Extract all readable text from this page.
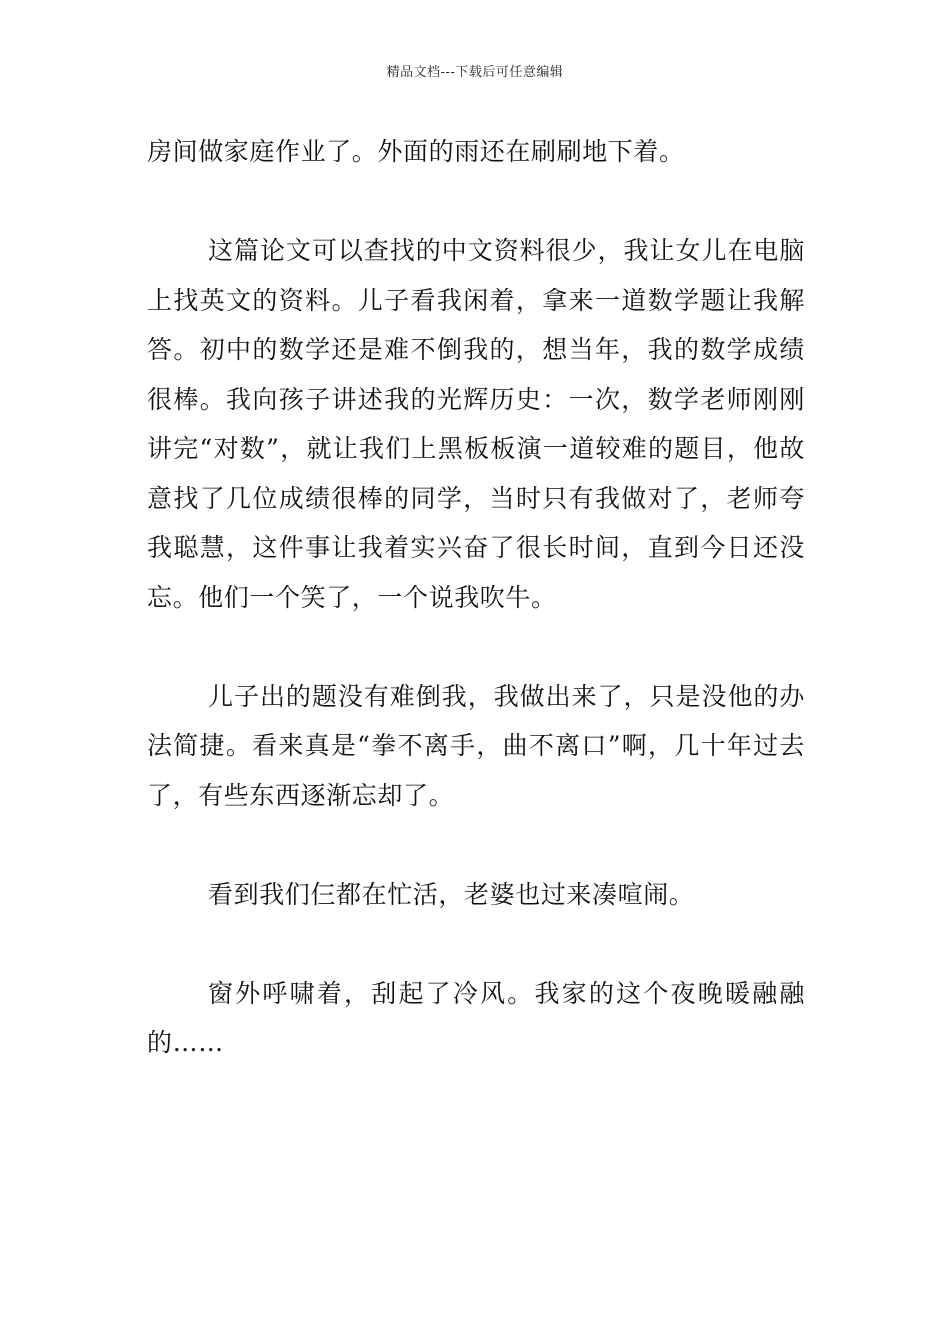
精品文档---下载后可任意编辑

房间做家庭作业了。外面的雨还在刷刷地下着。

这篇论文可以查找的中文资料很少，我让女儿在电脑上找英文的资料。儿子看我闲着，拿来一道数学题让我解答。初中的数学还是难不倒我的，想当年，我的数学成绩很棒。我向孩子讲述我的光辉历史：一次，数学老师刚刚讲完“对数”，就让我们上黑板板演一道较难的题目，他故意找了几位成绩很棒的同学，当时只有我做对了，老师夸我聪慧，这件事让我着实兴奋了很长时间，直到今日还没忘。他们一个笑了，一个说我吹牛。

儿子出的题没有难倒我，我做出来了，只是没他的办法简捷。看来真是“拳不离手，曲不离口”啊，几十年过去了，有些东西逐渐忘却了。

看到我们仨都在忙活，老婆也过来凑喧闹。

窗外呼啸着，刮起了冷风。我家的这个夜晚暖融融的……
